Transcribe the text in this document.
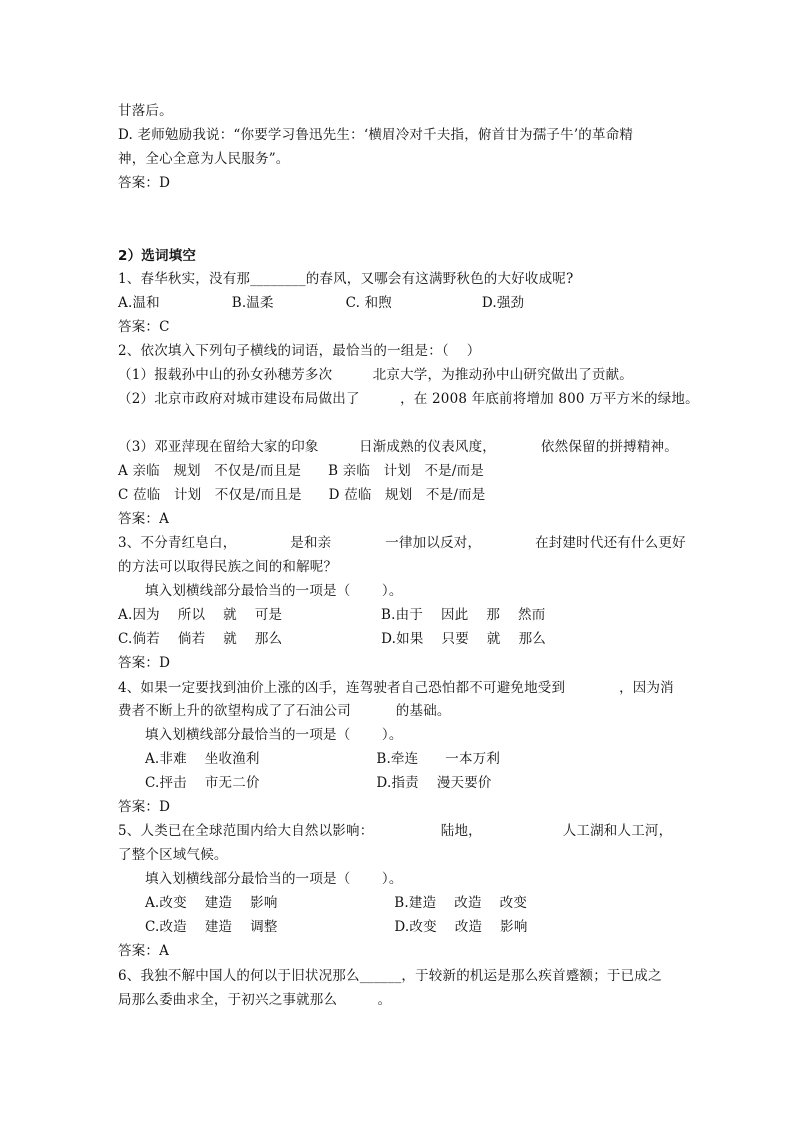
甘落后。
D. 老师勉励我说：“你要学习鲁迅先生：‘横眉冷对千夫指，俯首甘为孺子牛’的革命精
神，全心全意为人民服务”。
答案：D
2）选词填空
1、春华秋实，没有那________的春风，又哪会有这满野秋色的大好收成呢?
A.温和                B.温柔                C. 和煦                    D.强劲
答案：C
2、依次填入下列句子横线的词语，最恰当的一组是：（    ）
（1）报载孙中山的孙女孙穗芳多次         北京大学，为推动孙中山研究做出了贡献。
（2）北京市政府对城市建设布局做出了         ，在 2008 年底前将增加 800 万平方米的绿地。
（3）邓亚萍现在留给大家的印象         日渐成熟的仪表风度，          依然保留的拼搏精神。
A 亲临   规划   不仅是/而且是      B 亲临   计划   不是/而是
C 莅临   计划   不仅是/而且是      D 莅临   规划   不是/而是
答案：A
3、不分青红皂白，            是和亲            一律加以反对，            在封建时代还有什么更好
的方法可以取得民族之间的和解呢？
填入划横线部分最恰当的一项是（       ）。
A.因为    所以    就    可是                      B.由于    因此    那    然而
C.倘若    倘若    就    那么                      D.如果    只要    就    那么
答案：D
4、如果一定要找到油价上涨的凶手，连驾驶者自己恐怕都不可避免地受到            ，因为消
费者不断上升的欲望构成了了石油公司          的基础。
填入划横线部分最恰当的一项是（       ）。
A.非难    坐收渔利                          B.牵连      一本万利
C.抨击    市无二价                          D.指责    漫天要价
答案：D
5、人类已在全球范围内给大自然以影响：               陆地，                  人工湖和人工河，
了整个区域气候。
填入划横线部分最恰当的一项是（       ）。
A.改变    建造    影响                          B.建造    改造    改变
C.改造    建造    调整                          D.改变    改造    影响
答案：A
6、我独不解中国人的何以于旧状况那么______，于较新的机运是那么疾首蹙额；于已成之
局那么委曲求全，于初兴之事就那么         。
